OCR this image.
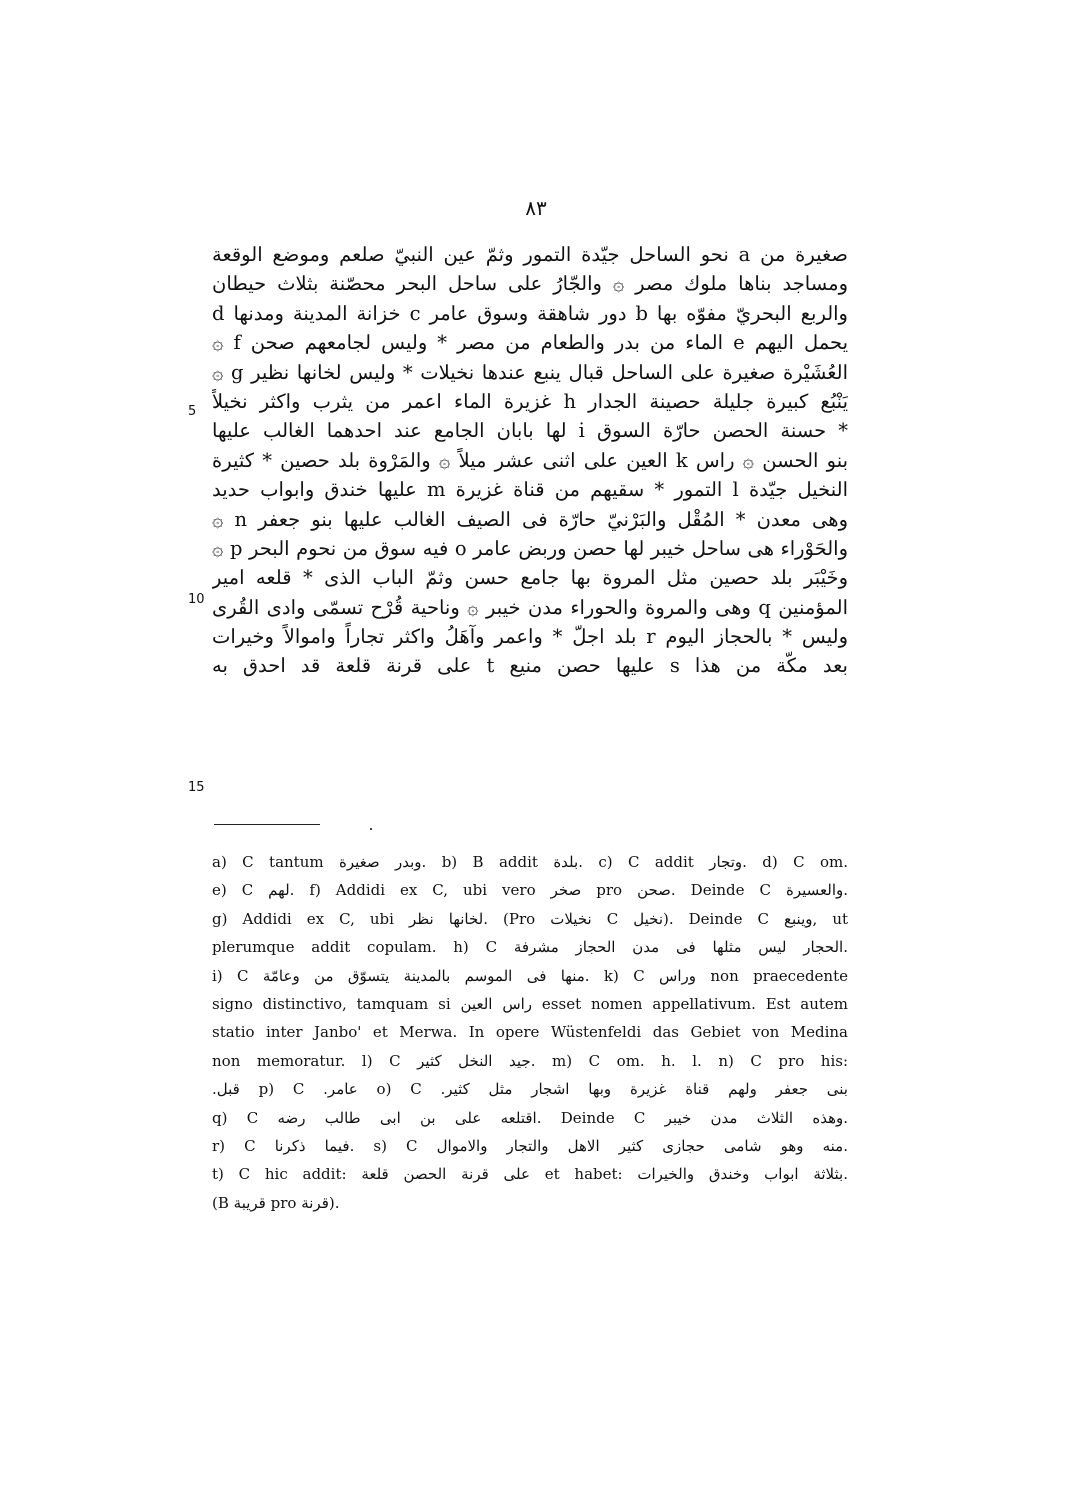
٨٣
صغيرة من a نحو الساحل جيّدة التمور وثمّ عين النبيّ صلعم وموضع الوقعة
ومساجد بناها ملوك مصر ۞ والجّارُ على ساحل البحر محصّنة بثلاث حيطان
والربع البحريّ مفوّه بها b دور شاهقة وسوق عامر c خزانة المدينة ومدنها d
يحمل اليهم e الماء من بدر والطعام من مصر * وليس لجامعهم صحن f ۞
العُشَيْرة صغيرة على الساحل قبال ينبع عندها نخيلات * وليس لخانها نظير g ۞
يَنْبُع كبيرة جليلة حصينة الجدار h غزيرة الماء اعمر من يثرب واكثر نخيلاً
* حسنة الحصن حارّة السوق i لها بابان الجامع عند احدهما الغالب عليها
بنو الحسن ۞ راس k العين على اثنى عشر ميلاً ۞ والمَرْوة بلد حصين * كثيرة
النخيل جيّدة l التمور * سقيهم من قناة غزيرة m عليها خندق وابواب حديد
وهى معدن * المُقْل والبَرْنيّ حارّة فى الصيف الغالب عليها بنو جعفر n ۞
والحَوْراء هى ساحل خيبر لها حصن وربض عامر o فيه سوق من نحوم البحر p ۞
وخَيْبَر بلد حصين مثل المروة بها جامع حسن وثمّ الباب الذى * قلعه امير
المؤمنين q وهى والمروة والحوراء مدن خيبر ۞ وناحية قُرْح تسمّى وادى القُرى
وليس * بالحجاز اليوم r بلد اجلّ * واعمر وآهَلُ واكثر تجاراً واموالاً وخيرات
بعد مكّة من هذا s عليها حصن منيع t على قرنة قلعة قد احدق به
5
10
15
a) C tantum وبدر صغيرة. b) B addit بلدة. c) C addit وتجار. d) C om.
e) C لهم. f) Addidi ex C, ubi vero صخر pro صحن. Deinde C والعسيرة.
g) Addidi ex C, ubi لخانها نظر. (Pro نخيلات C نخيل). Deinde C وينبع, ut
plerumque addit copulam. h) C الحجار ليس مثلها فى مدن الحجاز مشرفة.
i) C منها فى الموسم بالمدينة يتسوّق من وعامّة. k) C وراس non praecedente
signo distinctivo, tamquam si راس العين esset nomen appellativum. Est autem
statio inter Janbo' et Merwa. In opere Wüstenfeldi das Gebiet von Medina
non memoratur. l) C جيد النخل كثير. m) C om. h. l. n) C pro his:
بنى جعفر ولهم قناة غزيرة وبها اشجار مثل كثير. o) C عامر. p) C قبل.
q) C اقتلعه على بن ابى طالب رضه. Deinde C وهذه الثلاث مدن خيبر.
r) C فيما ذكرنا. s) C منه وهو شامى حجازى كثير الاهل والتجار والاموال.
t) C hic addit: على قرنة الحصن قلعة et habet: بثلاثة ابواب وخندق والخيرات.
(B قريبة pro قرنة).
